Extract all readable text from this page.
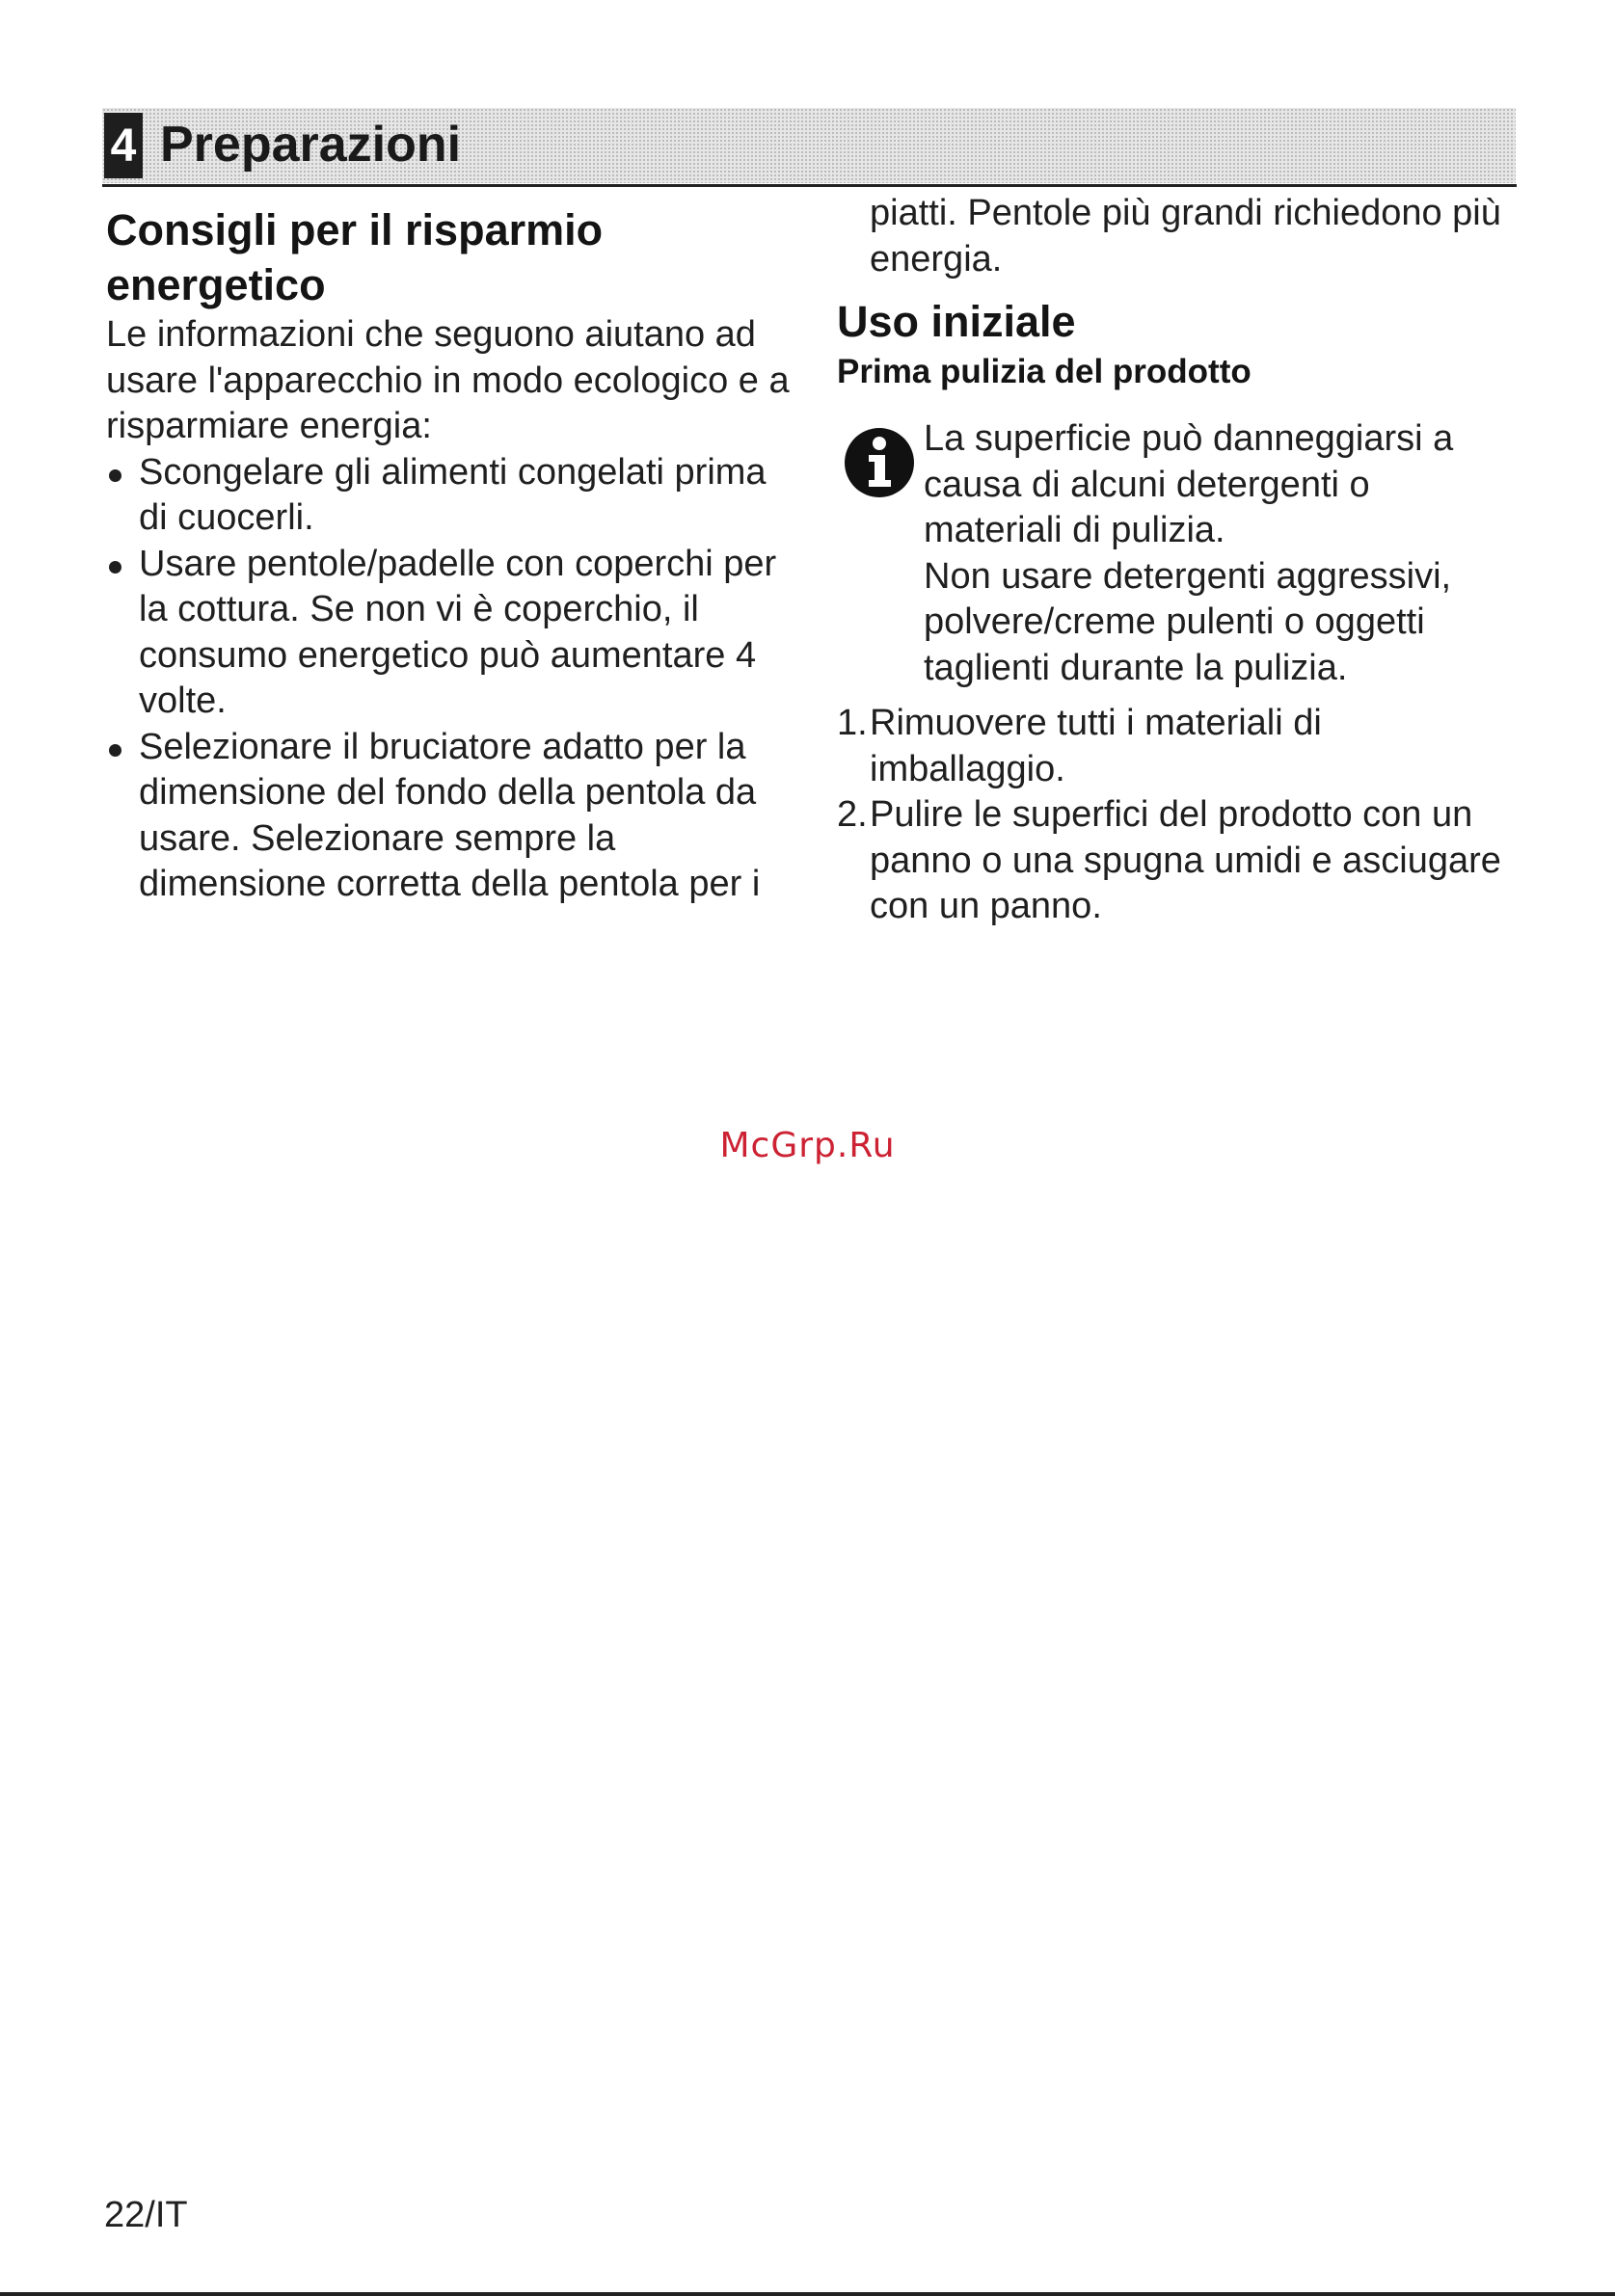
4 Preparazioni
Consigli per il risparmio energetico
Le informazioni che seguono aiutano ad usare l'apparecchio in modo ecologico e a risparmiare energia:
Scongelare gli alimenti congelati prima di cuocerli.
Usare pentole/padelle con coperchi per la cottura. Se non vi è coperchio, il consumo energetico può aumentare 4 volte.
Selezionare il bruciatore adatto per la dimensione del fondo della pentola da usare. Selezionare sempre la dimensione corretta della pentola per i
piatti. Pentole più grandi richiedono più energia.
Uso iniziale
Prima pulizia del prodotto
La superficie può danneggiarsi a causa di alcuni detergenti o materiali di pulizia.
Non usare detergenti aggressivi, polvere/creme pulenti o oggetti taglienti durante la pulizia.
1. Rimuovere tutti i materiali di imballaggio.
2. Pulire le superfici del prodotto con un panno o una spugna umidi e asciugare con un panno.
McGrp.Ru
22/IT
